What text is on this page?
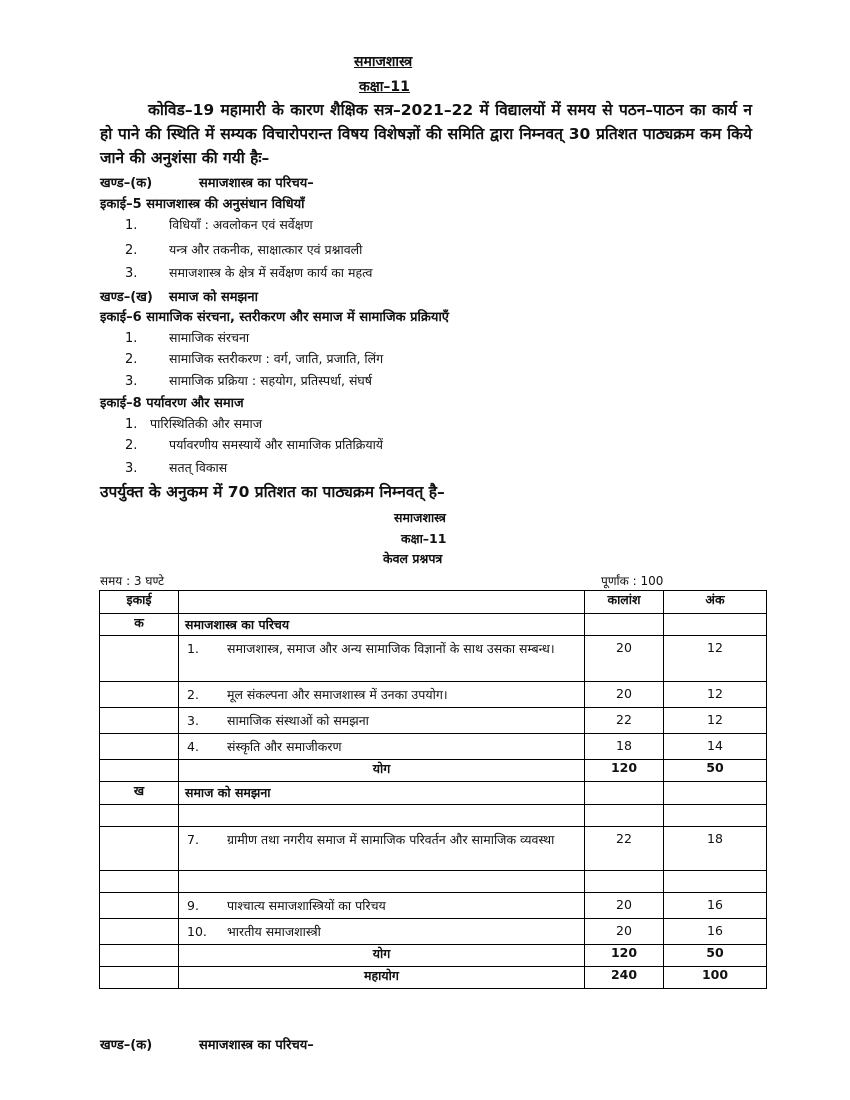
समाजशास्त्र
कक्षा–11
कोविड–19 महामारी के कारण शैक्षिक सत्र–2021–22 में विद्यालयों में समय से पठन–पाठन का कार्य न हो पाने की स्थिति में सम्यक विचारोपरान्त विषय विशेषज्ञों की समिति द्वारा निम्नवत् 30 प्रतिशत पाठ्यक्रम कम किये जाने की अनुशंसा की गयी हैः–
खण्ड–(क)	समाजशास्त्र का परिचय–
इकाई–5 समाजशास्त्र की अनुसंधान विधियाँ
1.	विधियाँ : अवलोकन एवं सर्वेक्षण
2.	यन्त्र और तकनीक, साक्षात्कार एवं प्रश्नावली
3.	समाजशास्त्र के क्षेत्र में सर्वेक्षण कार्य का महत्व
खण्ड–(ख) समाज को समझना
इकाई–6 सामाजिक संरचना, स्तरीकरण और समाज में सामाजिक प्रक्रियाएँ
1.	सामाजिक संरचना
2.	सामाजिक स्तरीकरण : वर्ग, जाति, प्रजाति, लिंग
3.	सामाजिक प्रक्रिया : सहयोग, प्रतिस्पर्धा, संघर्ष
इकाई–8 पर्यावरण और समाज
1. पारिस्थितिकी और समाज
2.	पर्यावरणीय समस्यायें और सामाजिक प्रतिक्रियायें
3.	सतत् विकास
उपर्युक्त के अनुकम में 70 प्रतिशत का पाठ्यक्रम निम्नवत् है–
समाजशास्त्र
कक्षा–11
केवल प्रश्नपत्र
समय : 3 घण्टे	पूर्णांक : 100
इकाई		कालांश	अंक
क	समाजशास्त्र का परिचय		

	1. समाजशास्त्र, समाज और अन्य सामाजिक विज्ञानों के साथ उसका सम्बन्ध।	20	12

	2. मूल संकल्पना और समाजशास्त्र में उनका उपयोग।	20	12

	3. सामाजिक संस्थाओं को समझना	22	12

	4. संस्कृति और समाजीकरण	18	14

	योग	120	50
ख	समाज को समझना		

	7. ग्रामीण तथा नगरीय समाज में सामाजिक परिवर्तन और सामाजिक व्यवस्था	22	18

	9. पाश्चात्य समाजशास्त्रियों का परिचय	20	16

	10. भारतीय समाजशास्त्री	20	16

	योग	120	50
	महायोग	240	100
खण्ड–(क)	समाजशास्त्र का परिचय–
